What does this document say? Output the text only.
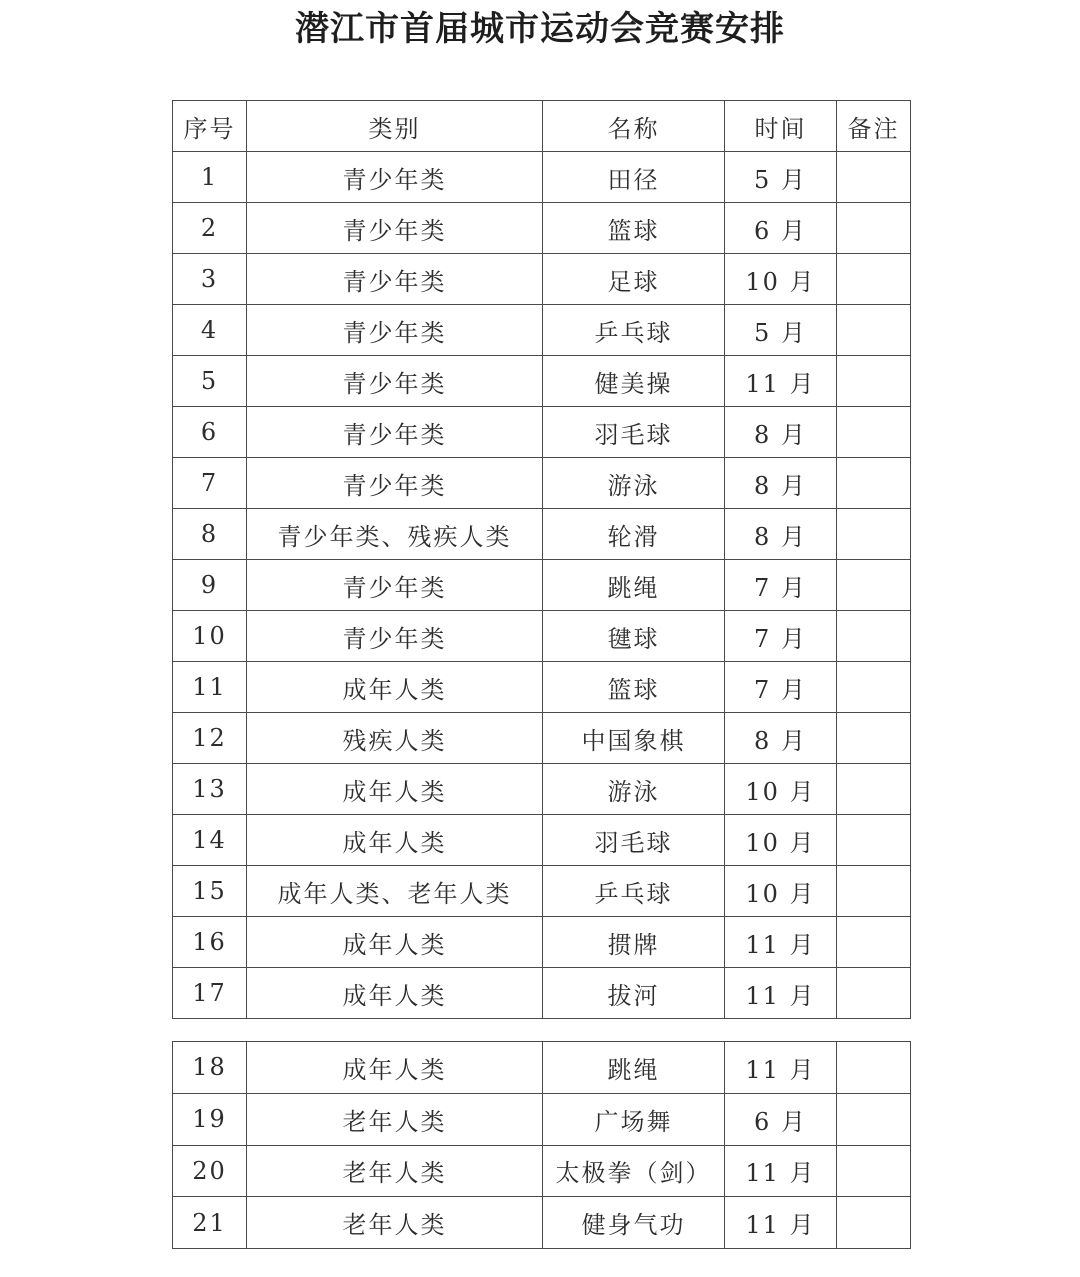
潜江市首届城市运动会竞赛安排
序号	类别	名称	时间	备注
1	青少年类	田径	5 月	
2	青少年类	篮球	6 月	
3	青少年类	足球	10 月	
4	青少年类	乒乓球	5 月	
5	青少年类	健美操	11 月	
6	青少年类	羽毛球	8 月	
7	青少年类	游泳	8 月	
8	青少年类、残疾人类	轮滑	8 月	
9	青少年类	跳绳	7 月	
10	青少年类	毽球	7 月	
11	成年人类	篮球	7 月	
12	残疾人类	中国象棋	8 月	
13	成年人类	游泳	10 月	
14	成年人类	羽毛球	10 月	
15	成年人类、老年人类	乒乓球	10 月	
16	成年人类	掼牌	11 月	
17	成年人类	拔河	11 月	
18	成年人类	跳绳	11 月	
19	老年人类	广场舞	6 月	
20	老年人类	太极拳（剑）	11 月	
21	老年人类	健身气功	11 月	
